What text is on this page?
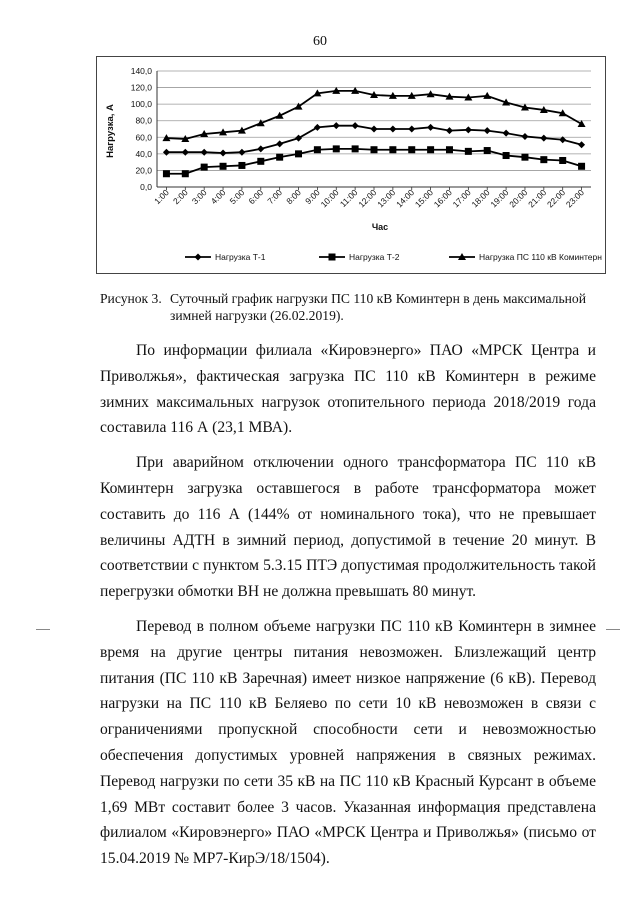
60
0,0
20,0
40,0
60,0
80,0
100,0
120,0
140,0
1:00 2:00 3:00 4:00 5:00 6:00 7:00 8:00 9:00
10:00
11:00
12:00
13:00
14:00
15:00
16:00
17:00
18:00
19:00
20:00
21:00
22:00
23:00
Нагрузка, А
Час
Нагрузка Т-1	Нагрузка Т-2	Нагрузка ПС 110 кВ Коминтерн
Рисунок 3. Суточный график нагрузки ПС 110 кВ Коминтерн в день максимальной
зимней нагрузки (26.02.2019).

По информации филиала «Кировэнерго» ПАО «МРСК Центра и Приволжья», фактическая загрузка ПС 110 кВ Коминтерн в режиме зимних максимальных нагрузок отопительного периода 2018/2019 года составила 116 А (23,1 МВА).

При аварийном отключении одного трансформатора ПС 110 кВ Коминтерн загрузка оставшегося в работе трансформатора может составить до 116 А (144% от номинального тока), что не превышает величины АДТН в зимний период, допустимой в течение 20 минут. В соответствии с пунктом 5.3.15 ПТЭ допустимая продолжительность такой перегрузки обмотки ВН не должна превышать 80 минут.

Перевод в полном объеме нагрузки ПС 110 кВ Коминтерн в зимнее время на другие центры питания невозможен. Близлежащий центр питания (ПС 110 кВ Заречная) имеет низкое напряжение (6 кВ). Перевод нагрузки на ПС 110 кВ Беляево по сети 10 кВ невозможен в связи с ограничениями пропускной способности сети и невозможностью обеспечения допустимых уровней напряжения в связных режимах. Перевод нагрузки по сети 35 кВ на ПС 110 кВ Красный Курсант в объеме 1,69 МВт составит более 3 часов. Указанная информация представлена филиалом «Кировэнерго» ПАО «МРСК Центра и Приволжья» (письмо от 15.04.2019 № МР7-КирЭ/18/1504).
